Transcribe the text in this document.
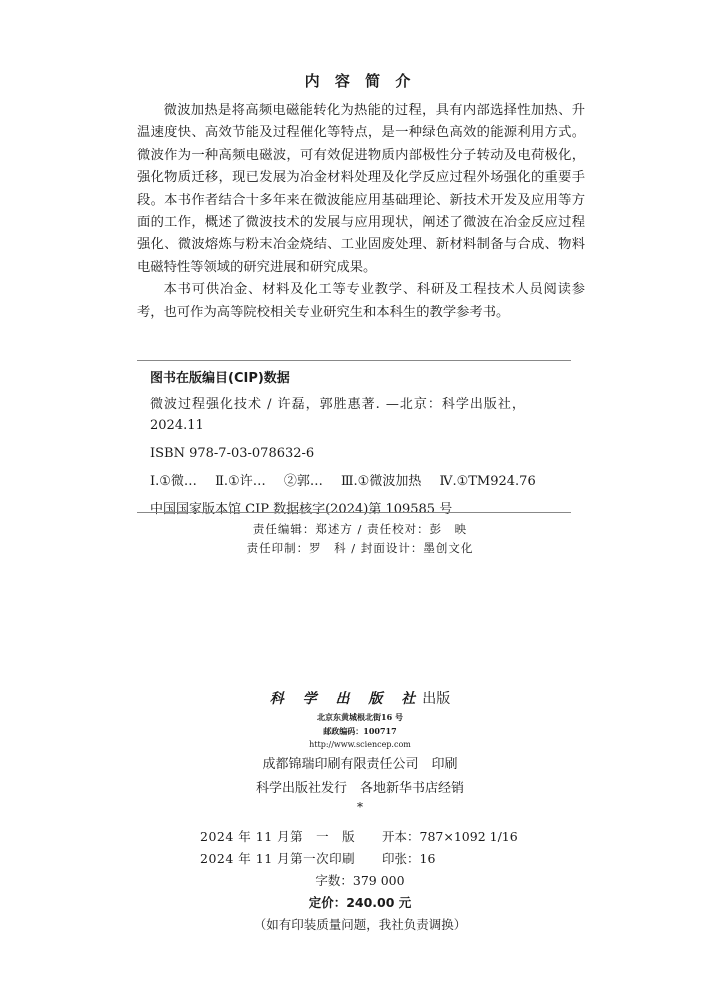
内 容 简 介

微波加热是将高频电磁能转化为热能的过程，具有内部选择性加热、升温速度快、高效节能及过程催化等特点，是一种绿色高效的能源利用方式。微波作为一种高频电磁波，可有效促进物质内部极性分子转动及电荷极化，强化物质迁移，现已发展为冶金材料处理及化学反应过程外场强化的重要手段。本书作者结合十多年来在微波能应用基础理论、新技术开发及应用等方面的工作，概述了微波技术的发展与应用现状，阐述了微波在冶金反应过程强化、微波熔炼与粉末冶金烧结、工业固废处理、新材料制备与合成、物料电磁特性等领域的研究进展和研究成果。

本书可供冶金、材料及化工等专业教学、科研及工程技术人员阅读参考，也可作为高等院校相关专业研究生和本科生的教学参考书。

图书在版编目(CIP)数据
微波过程强化技术 / 许磊，郭胜惠著. —北京：科学出版社，
2024.11
ISBN 978-7-03-078632-6
Ⅰ.①微… Ⅱ.①许… ②郭… Ⅲ.①微波加热 Ⅳ.①TM924.76
中国国家版本馆 CIP 数据核字(2024)第 109585 号
责任编辑：郑述方 / 责任校对：彭　映
责任印制：罗　科 / 封面设计：墨创文化
科 学 出 版 社出版
北京东黄城根北街16 号
邮政编码：100717
http://www.sciencep.com
成都锦瑞印刷有限责任公司　印刷
科学出版社发行　各地新华书店经销
*
2024 年 11 月第　一　版 开本：787×1092 1/16
2024 年 11 月第一次印刷 印张：16
字数：379 000
定价：240.00 元
（如有印装质量问题，我社负责调换）
